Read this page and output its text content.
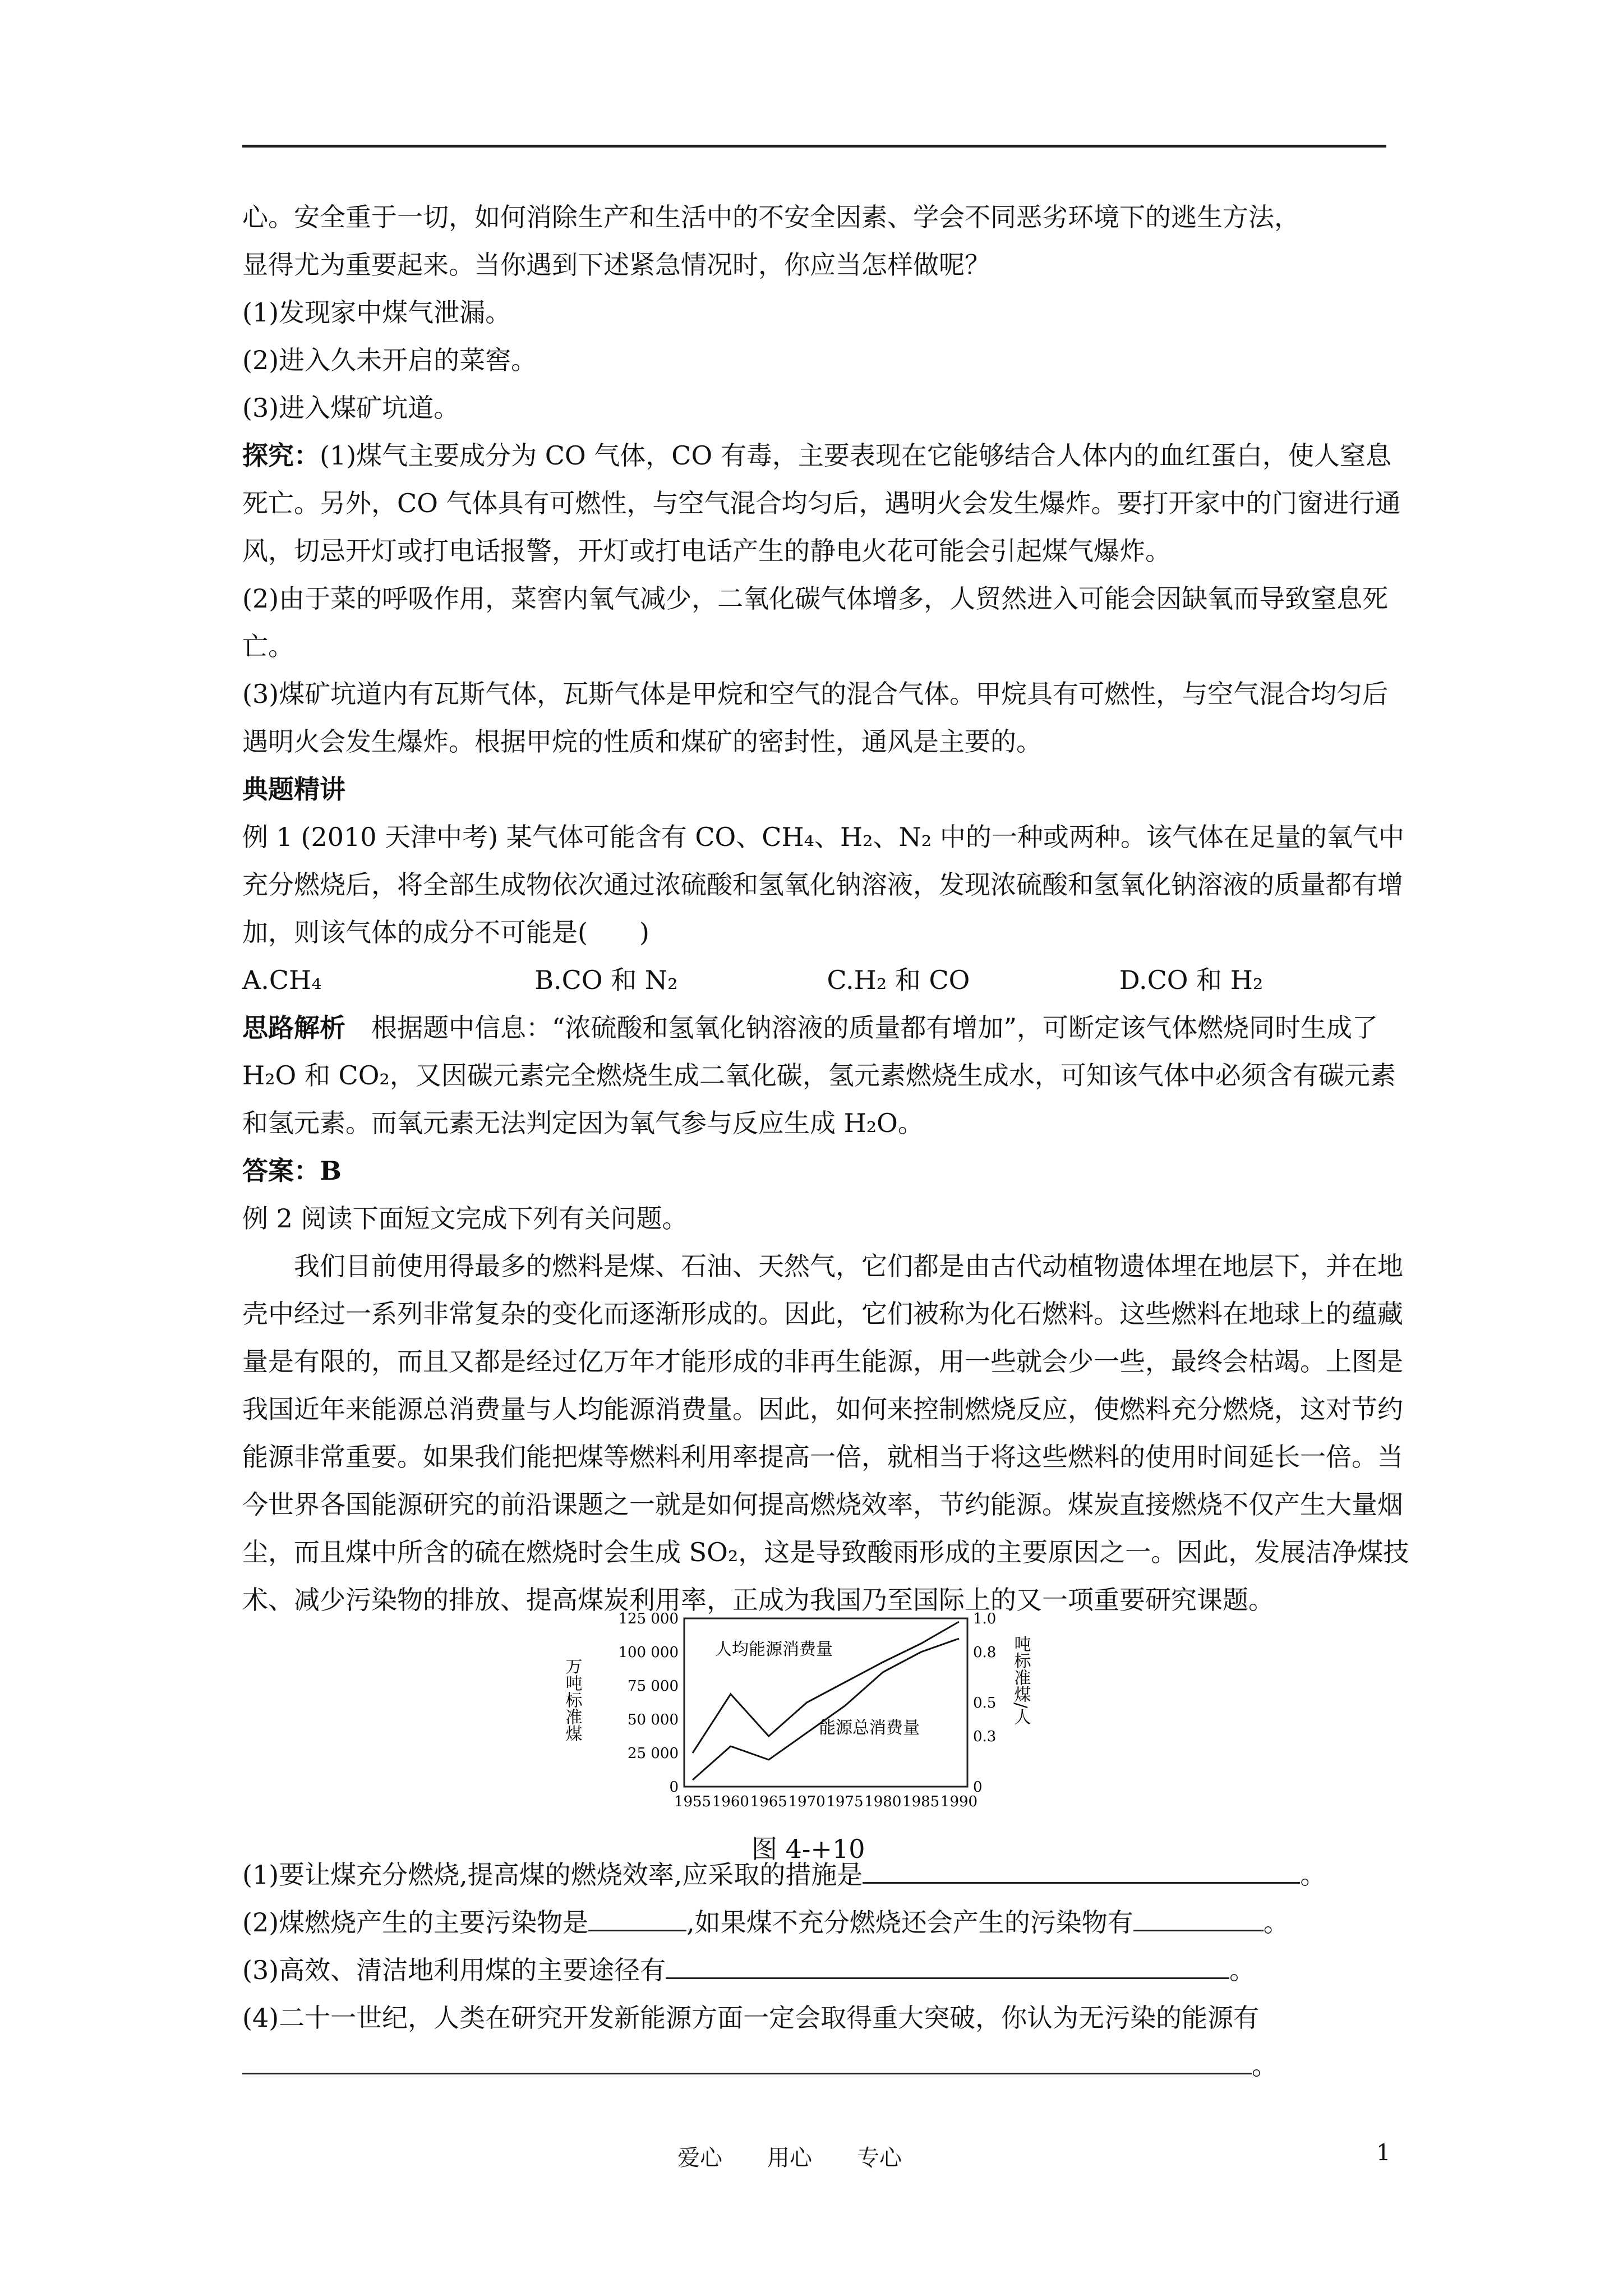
心。安全重于一切，如何消除生产和生活中的不安全因素、学会不同恶劣环境下的逃生方法，

显得尤为重要起来。当你遇到下述紧急情况时，你应当怎样做呢？

(1)发现家中煤气泄漏。

(2)进入久未开启的菜窖。

(3)进入煤矿坑道。

探究：(1)煤气主要成分为 CO 气体，CO 有毒，主要表现在它能够结合人体内的血红蛋白，使人窒息死亡。另外，CO 气体具有可燃性，与空气混合均匀后，遇明火会发生爆炸。要打开家中的门窗进行通风，切忌开灯或打电话报警，开灯或打电话产生的静电火花可能会引起煤气爆炸。

(2)由于菜的呼吸作用，菜窖内氧气减少，二氧化碳气体增多，人贸然进入可能会因缺氧而导致窒息死亡。

(3)煤矿坑道内有瓦斯气体，瓦斯气体是甲烷和空气的混合气体。甲烷具有可燃性，与空气混合均匀后遇明火会发生爆炸。根据甲烷的性质和煤矿的密封性，通风是主要的。

典题精讲

例 1 (2010 天津中考) 某气体可能含有 CO、CH₄、H₂、N₂ 中的一种或两种。该气体在足量的氧气中充分燃烧后，将全部生成物依次通过浓硫酸和氢氧化钠溶液，发现浓硫酸和氢氧化钠溶液的质量都有增加，则该气体的成分不可能是(　　)

A.CH₄	B.CO 和 N₂	C.H₂ 和 CO	D.CO 和 H₂

思路解析　根据题中信息：“浓硫酸和氢氧化钠溶液的质量都有增加”，可断定该气体燃烧同时生成了 H₂O 和 CO₂，又因碳元素完全燃烧生成二氧化碳，氢元素燃烧生成水，可知该气体中必须含有碳元素和氢元素。而氧元素无法判定因为氧气参与反应生成 H₂O。

答案：B

例 2 阅读下面短文完成下列有关问题。

我们目前使用得最多的燃料是煤、石油、天然气，它们都是由古代动植物遗体埋在地层下，并在地壳中经过一系列非常复杂的变化而逐渐形成的。因此，它们被称为化石燃料。这些燃料在地球上的蕴藏量是有限的，而且又都是经过亿万年才能形成的非再生能源，用一些就会少一些，最终会枯竭。上图是我国近年来能源总消费量与人均能源消费量。因此，如何来控制燃烧反应，使燃料充分燃烧，这对节约能源非常重要。如果我们能把煤等燃料利用率提高一倍，就相当于将这些燃料的使用时间延长一倍。当今世界各国能源研究的前沿课题之一就是如何提高燃烧效率，节约能源。煤炭直接燃烧不仅产生大量烟尘，而且煤中所含的硫在燃烧时会生成 SO₂，这是导致酸雨形成的主要原因之一。因此，发展洁净煤技术、减少污染物的排放、提高煤炭利用率，正成为我国乃至国际上的又一项重要研究课题。

125 000
100 000
75 000
50 000
25 000
0
1.0
0.8
0.5
0.3
0
1955 1960 1965 1970 1975 1980 1985 1990
人均能源消费量
能源总消费量
万吨标准煤	吨标准煤/人
图 4-+10

(1)要让煤充分燃烧,提高煤的燃烧效率,应采取的措施是	。

(2)煤燃烧产生的主要污染物是	,如果煤不充分燃烧还会产生的污染物有	。

(3)高效、清洁地利用煤的主要途径有	。

(4)二十一世纪，人类在研究开发新能源方面一定会取得重大突破，你认为无污染的能源有

。

爱心　　用心　　专心	1
